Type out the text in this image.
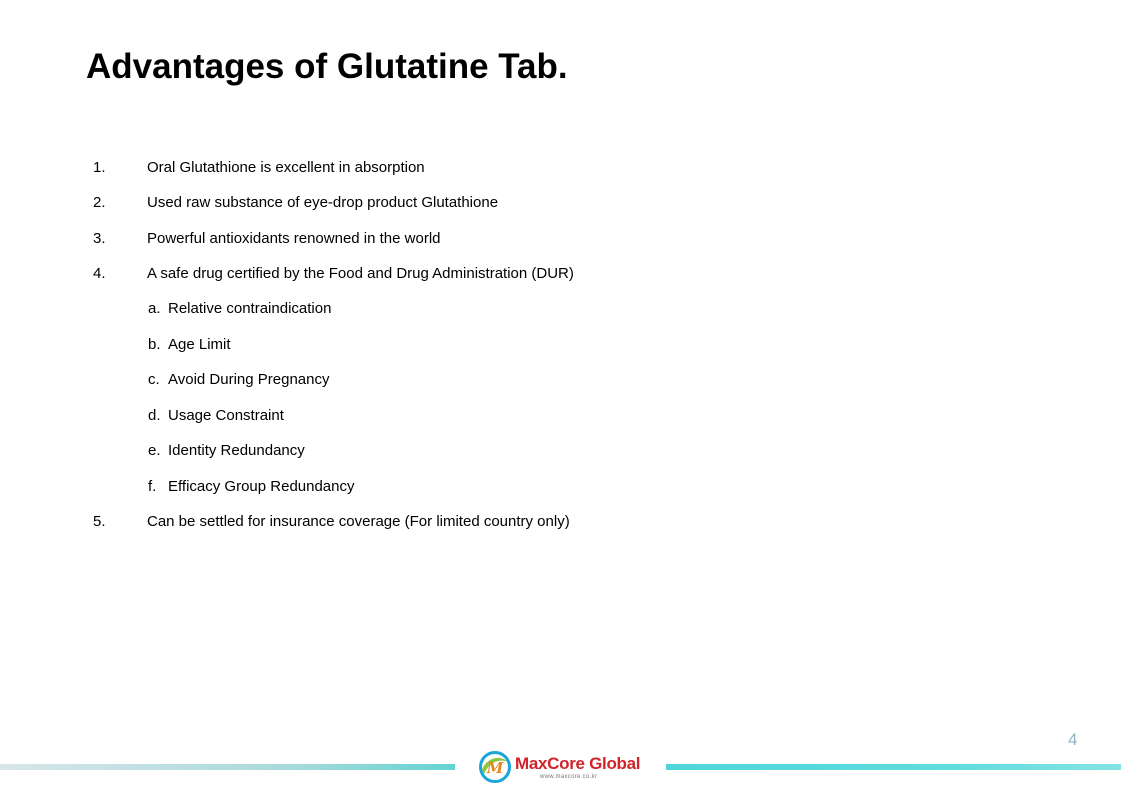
Advantages of Glutatine Tab.
1.	Oral Glutathione is excellent in absorption
2.	Used raw substance of eye-drop product Glutathione
3.	Powerful antioxidants renowned in the world
4.	A safe drug certified by the Food and Drug Administration (DUR)
a. Relative contraindication
b. Age Limit
c. Avoid During Pregnancy
d. Usage Constraint
e. Identity Redundancy
f. Efficacy Group Redundancy
5.	Can be settled for insurance coverage (For limited country only)
4
M MaxCore Global
www.maxcore.co.kr
